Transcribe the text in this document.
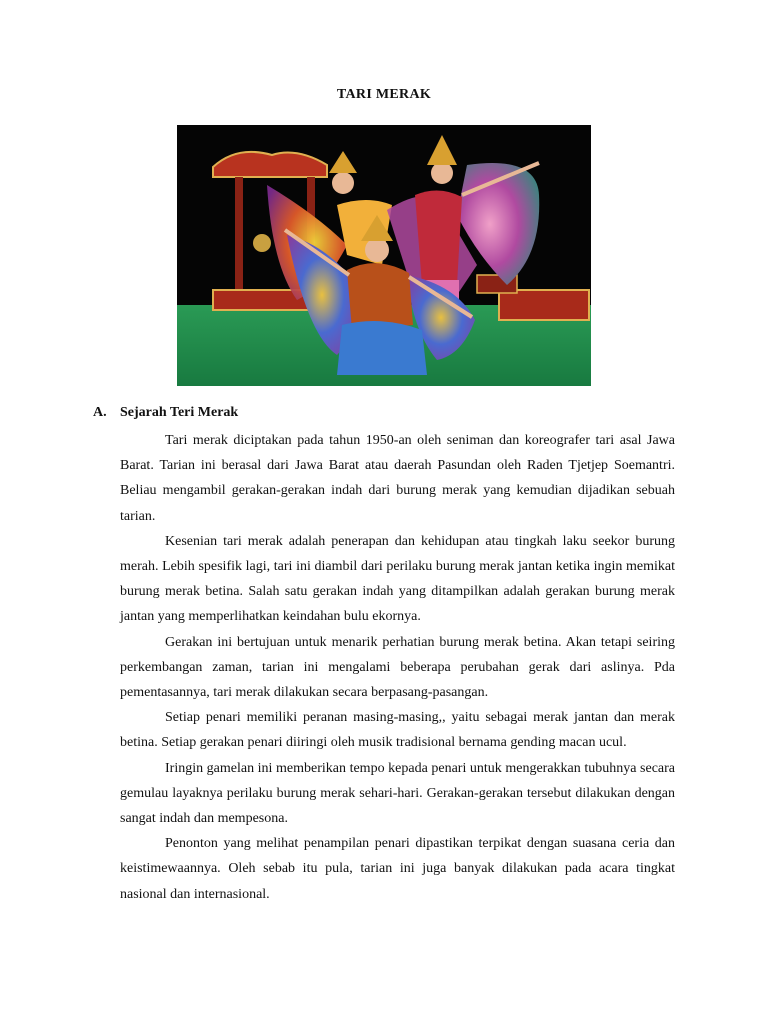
TARI MERAK
A. Sejarah Teri Merak

Tari merak diciptakan pada tahun 1950-an oleh seniman dan koreografer tari asal Jawa Barat. Tarian ini berasal dari Jawa Barat atau daerah Pasundan oleh Raden Tjetjep Soemantri. Beliau mengambil gerakan-gerakan indah dari burung merak yang kemudian dijadikan sebuah tarian.

Kesenian tari merak adalah penerapan dan kehidupan atau tingkah laku seekor burung merah. Lebih spesifik lagi, tari ini diambil dari perilaku burung merak jantan ketika ingin memikat burung merak betina. Salah satu gerakan indah yang ditampilkan adalah gerakan burung merak jantan yang memperlihatkan keindahan bulu ekornya.

Gerakan ini bertujuan untuk menarik perhatian burung merak betina. Akan tetapi seiring perkembangan zaman, tarian ini mengalami beberapa perubahan gerak dari aslinya. Pda pementasannya, tari merak dilakukan secara berpasang-pasangan.

Setiap penari memiliki peranan masing-masing,, yaitu sebagai merak jantan dan merak betina. Setiap gerakan penari diiringi oleh musik tradisional bernama gending macan ucul.

Iringin gamelan ini memberikan tempo kepada penari untuk mengerakkan tubuhnya secara gemulau layaknya perilaku burung merak sehari-hari. Gerakan-gerakan tersebut dilakukan dengan sangat indah dan mempesona.

Penonton yang melihat penampilan penari dipastikan terpikat dengan suasana ceria dan keistimewaannya. Oleh sebab itu pula, tarian ini juga banyak dilakukan pada acara tingkat nasional dan internasional.
